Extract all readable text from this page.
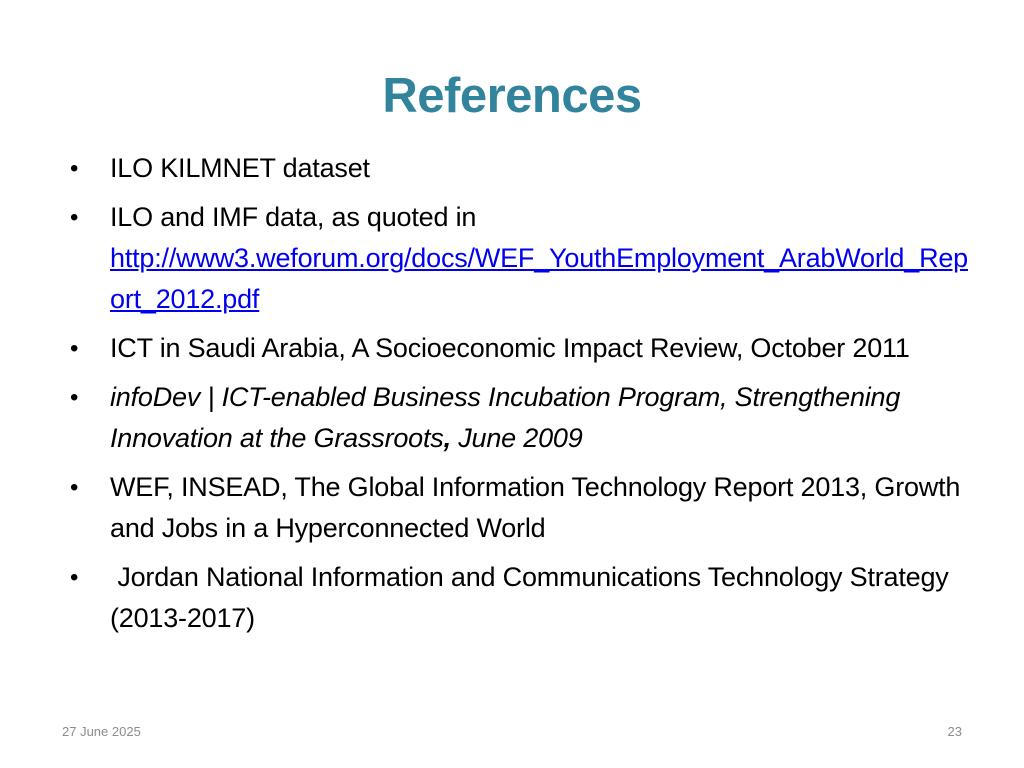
References
•	ILO KILMNET dataset
•	ILO and IMF data, as quoted in
http://www3.weforum.org/docs/WEF_YouthEmployment_ArabWorld_Report_2012.pdf
•	ICT in Saudi Arabia, A Socioeconomic Impact Review, October 2011
•	infoDev | ICT-enabled Business Incubation Program, Strengthening Innovation at the Grassroots, June 2009
•	WEF, INSEAD, The Global Information Technology Report 2013, Growth and Jobs in a Hyperconnected World
•	Jordan National Information and Communications Technology Strategy (2013-2017)
27 June 2025	23
